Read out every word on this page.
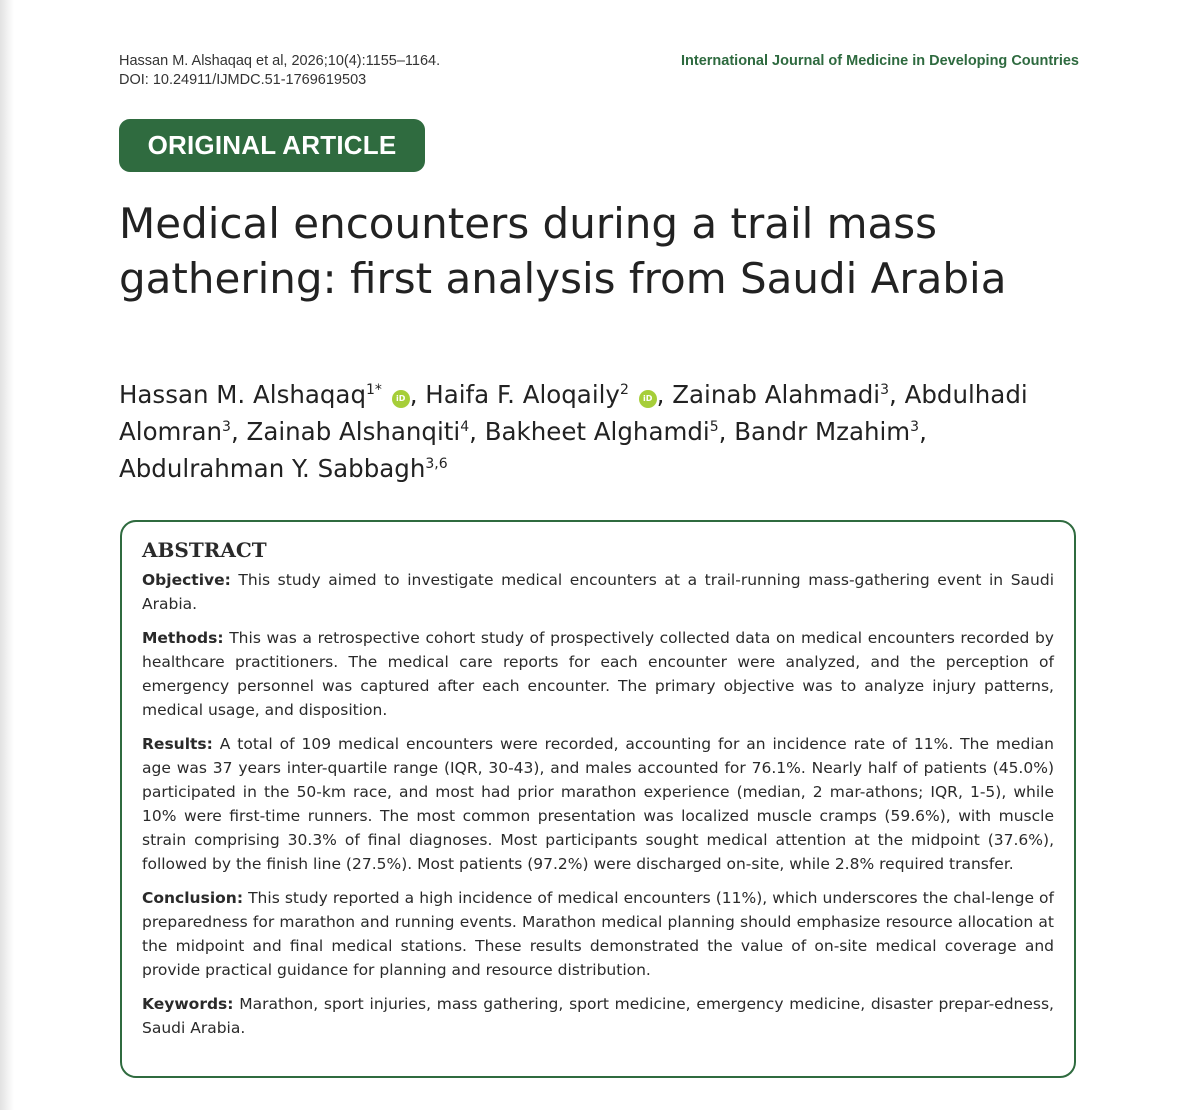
Hassan M. Alshaqaq et al, 2026;10(4):1155–1164.
DOI: 10.24911/IJMDC.51-1769619503
International Journal of Medicine in Developing Countries
ORIGINAL ARTICLE
Medical encounters during a trail mass gathering: first analysis from Saudi Arabia

Hassan M. Alshaqaq$^{1*}$ iD , Haifa F. Aloqaily$^2$ iD , Zainab Alahmadi$^3$, Abdulhadi Alomran$^3$, Zainab Alshanqiti$^4$, Bakheet Alghamdi$^5$, Bandr Mzahim$^3$, Abdulrahman Y. Sabbagh$^{3,6}$

ABSTRACT

Objective: This study aimed to investigate medical encounters at a trail-running mass-gathering event in Saudi Arabia.

Methods: This was a retrospective cohort study of prospectively collected data on medical encounters recorded by healthcare practitioners. The medical care reports for each encounter were analyzed, and the perception of emergency personnel was captured after each encounter. The primary objective was to analyze injury patterns, medical usage, and disposition.

Results: A total of 109 medical encounters were recorded, accounting for an incidence rate of 11%. The median age was 37 years inter-quartile range (IQR, 30-43), and males accounted for 76.1%. Nearly half of patients (45.0%) participated in the 50-km race, and most had prior marathon experience (median, 2 mar-athons; IQR, 1-5), while 10% were first-time runners. The most common presentation was localized muscle cramps (59.6%), with muscle strain comprising 30.3% of final diagnoses. Most participants sought medical attention at the midpoint (37.6%), followed by the finish line (27.5%). Most patients (97.2%) were discharged on-site, while 2.8% required transfer.

Conclusion: This study reported a high incidence of medical encounters (11%), which underscores the chal-lenge of preparedness for marathon and running events. Marathon medical planning should emphasize resource allocation at the midpoint and final medical stations. These results demonstrated the value of on-site medical coverage and provide practical guidance for planning and resource distribution.

Keywords: Marathon, sport injuries, mass gathering, sport medicine, emergency medicine, disaster prepar-edness, Saudi Arabia.
